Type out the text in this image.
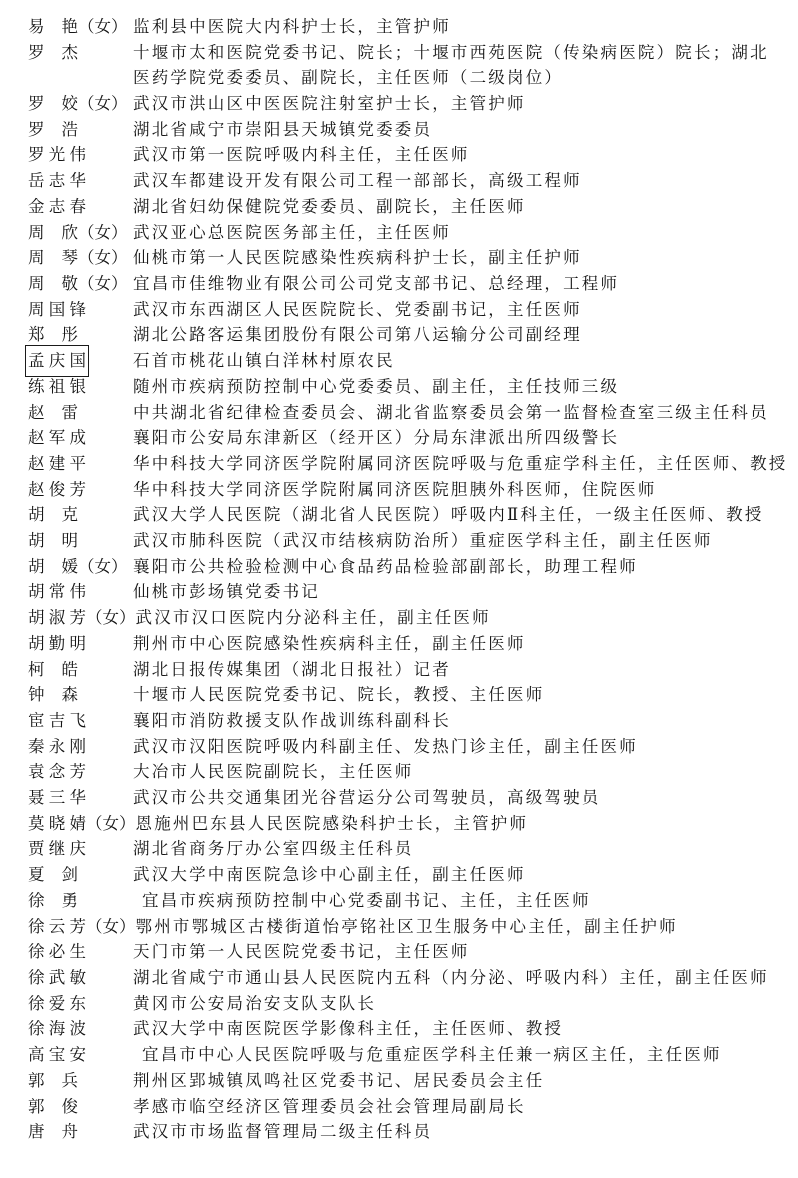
易 艳 （女） 监利县中医院大内科护士长，主管护师
罗 杰	十堰市太和医院党委书记、院长；十堰市西苑医院（传染病医院）院长；湖北
医药学院党委委员、副院长，主任医师（二级岗位）
罗 姣 （女） 武汉市洪山区中医医院注射室护士长，主管护师
罗 浩	湖北省咸宁市崇阳县天城镇党委委员
罗 光 伟	武汉市第一医院呼吸内科主任，主任医师
岳 志 华	武汉车都建设开发有限公司工程一部部长，高级工程师
金 志 春	湖北省妇幼保健院党委委员、副院长，主任医师
周 欣 （女） 武汉亚心总医院医务部主任，主任医师
周 琴 （女） 仙桃市第一人民医院感染性疾病科护士长，副主任护师
周 敬 （女） 宜昌市佳维物业有限公司公司党支部书记、总经理，工程师
周 国 锋	武汉市东西湖区人民医院院长、党委副书记，主任医师
郑 彤	湖北公路客运集团股份有限公司第八运输分公司副经理
孟 庆 国	石首市桃花山镇白洋林村原农民
练 祖 银	随州市疾病预防控制中心党委委员、副主任，主任技师三级
赵 雷	中共湖北省纪律检查委员会、湖北省监察委员会第一监督检查室三级主任科员
赵 军 成	襄阳市公安局东津新区（经开区）分局东津派出所四级警长
赵 建 平	华中科技大学同济医学院附属同济医院呼吸与危重症学科主任，主任医师、教授
赵 俊 芳	华中科技大学同济医学院附属同济医院胆胰外科医师，住院医师
胡 克	武汉大学人民医院（湖北省人民医院）呼吸内Ⅱ科主任，一级主任医师、教授
胡 明	武汉市肺科医院（武汉市结核病防治所）重症医学科主任，副主任医师
胡 媛 （女） 襄阳市公共检验检测中心食品药品检验部副部长，助理工程师
胡 常 伟	仙桃市彭场镇党委书记
胡 淑 芳 （女） 武汉市汉口医院内分泌科主任，副主任医师
胡 勤 明	荆州市中心医院感染性疾病科主任，副主任医师
柯 皓	湖北日报传媒集团（湖北日报社）记者
钟 森	十堰市人民医院党委书记、院长，教授、主任医师
宦 吉 飞	襄阳市消防救援支队作战训练科副科长
秦 永 刚	武汉市汉阳医院呼吸内科副主任、发热门诊主任，副主任医师
袁 念 芳	大冶市人民医院副院长，主任医师
聂 三 华	武汉市公共交通集团光谷营运分公司驾驶员，高级驾驶员
莫 晓 婧 （女） 恩施州巴东县人民医院感染科护士长，主管护师
贾 继 庆	湖北省商务厅办公室四级主任科员
夏 剑	武汉大学中南医院急诊中心副主任，副主任医师
徐 勇	宜昌市疾病预防控制中心党委副书记、主任，主任医师
徐 云 芳 （女） 鄂州市鄂城区古楼街道怡亭铭社区卫生服务中心主任，副主任护师
徐 必 生	天门市第一人民医院党委书记，主任医师
徐 武 敏	湖北省咸宁市通山县人民医院内五科（内分泌、呼吸内科）主任，副主任医师
徐 爱 东	黄冈市公安局治安支队支队长
徐 海 波	武汉大学中南医院医学影像科主任，主任医师、教授
高 宝 安	宜昌市中心人民医院呼吸与危重症医学科主任兼一病区主任，主任医师
郭 兵	荆州区郢城镇凤鸣社区党委书记、居民委员会主任
郭 俊	孝感市临空经济区管理委员会社会管理局副局长
唐 舟	武汉市市场监督管理局二级主任科员
